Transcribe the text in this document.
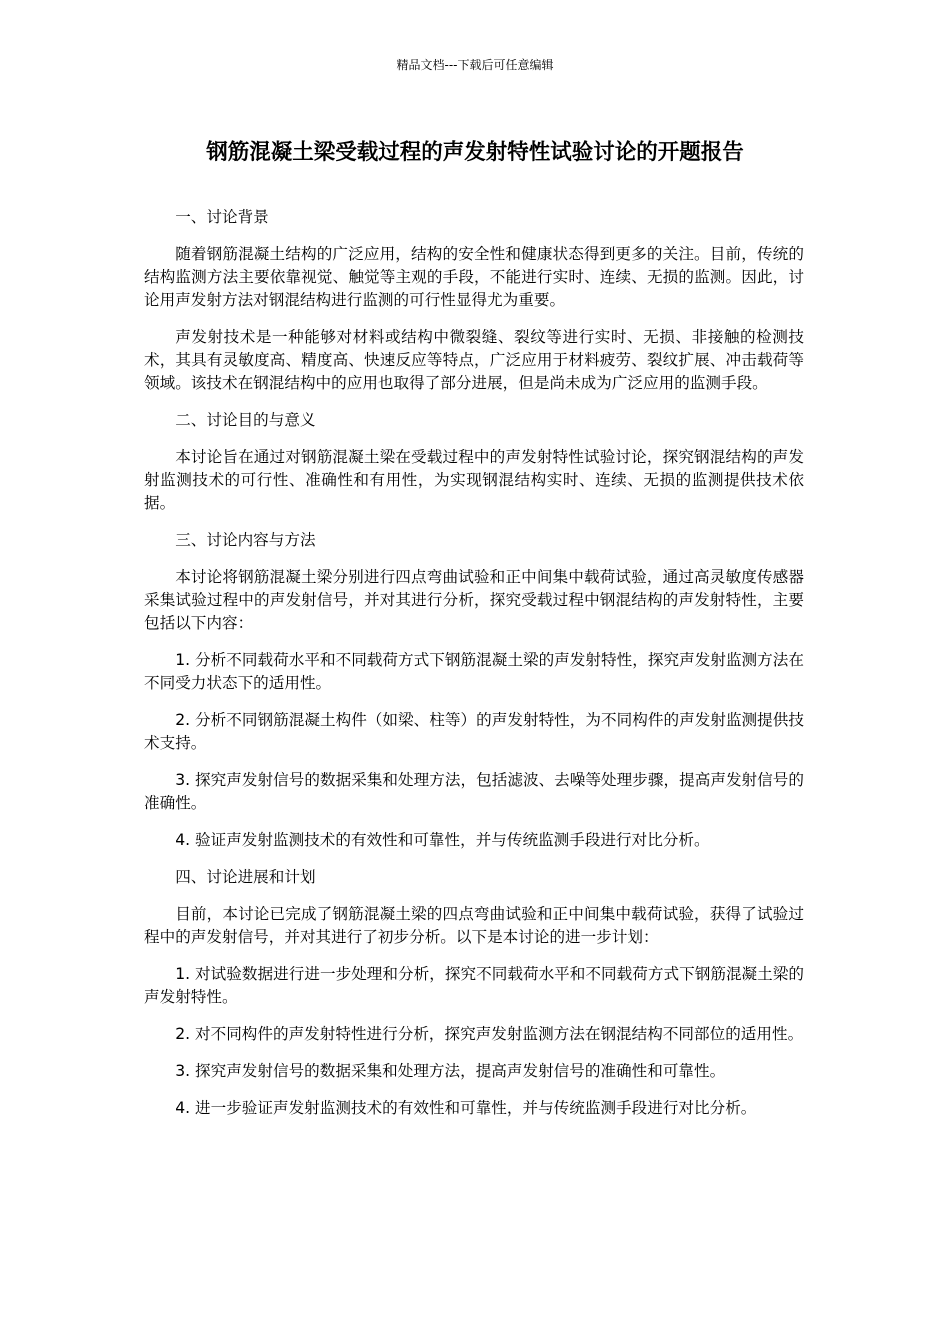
精品文档---下载后可任意编辑
钢筋混凝土梁受载过程的声发射特性试验讨论的开题报告

一、讨论背景

随着钢筋混凝土结构的广泛应用，结构的安全性和健康状态得到更多的关注。目前，传统的结构监测方法主要依靠视觉、触觉等主观的手段，不能进行实时、连续、无损的监测。因此，讨论用声发射方法对钢混结构进行监测的可行性显得尤为重要。

声发射技术是一种能够对材料或结构中微裂缝、裂纹等进行实时、无损、非接触的检测技术，其具有灵敏度高、精度高、快速反应等特点，广泛应用于材料疲劳、裂纹扩展、冲击载荷等领域。该技术在钢混结构中的应用也取得了部分进展，但是尚未成为广泛应用的监测手段。

二、讨论目的与意义

本讨论旨在通过对钢筋混凝土梁在受载过程中的声发射特性试验讨论，探究钢混结构的声发射监测技术的可行性、准确性和有用性，为实现钢混结构实时、连续、无损的监测提供技术依据。

三、讨论内容与方法

本讨论将钢筋混凝土梁分别进行四点弯曲试验和正中间集中载荷试验，通过高灵敏度传感器采集试验过程中的声发射信号，并对其进行分析，探究受载过程中钢混结构的声发射特性，主要包括以下内容：

1. 分析不同载荷水平和不同载荷方式下钢筋混凝土梁的声发射特性，探究声发射监测方法在不同受力状态下的适用性。

2. 分析不同钢筋混凝土构件（如梁、柱等）的声发射特性，为不同构件的声发射监测提供技术支持。

3. 探究声发射信号的数据采集和处理方法，包括滤波、去噪等处理步骤，提高声发射信号的准确性。

4. 验证声发射监测技术的有效性和可靠性，并与传统监测手段进行对比分析。

四、讨论进展和计划

目前，本讨论已完成了钢筋混凝土梁的四点弯曲试验和正中间集中载荷试验，获得了试验过程中的声发射信号，并对其进行了初步分析。以下是本讨论的进一步计划：

1. 对试验数据进行进一步处理和分析，探究不同载荷水平和不同载荷方式下钢筋混凝土梁的声发射特性。

2. 对不同构件的声发射特性进行分析，探究声发射监测方法在钢混结构不同部位的适用性。

3. 探究声发射信号的数据采集和处理方法，提高声发射信号的准确性和可靠性。

4. 进一步验证声发射监测技术的有效性和可靠性，并与传统监测手段进行对比分析。
